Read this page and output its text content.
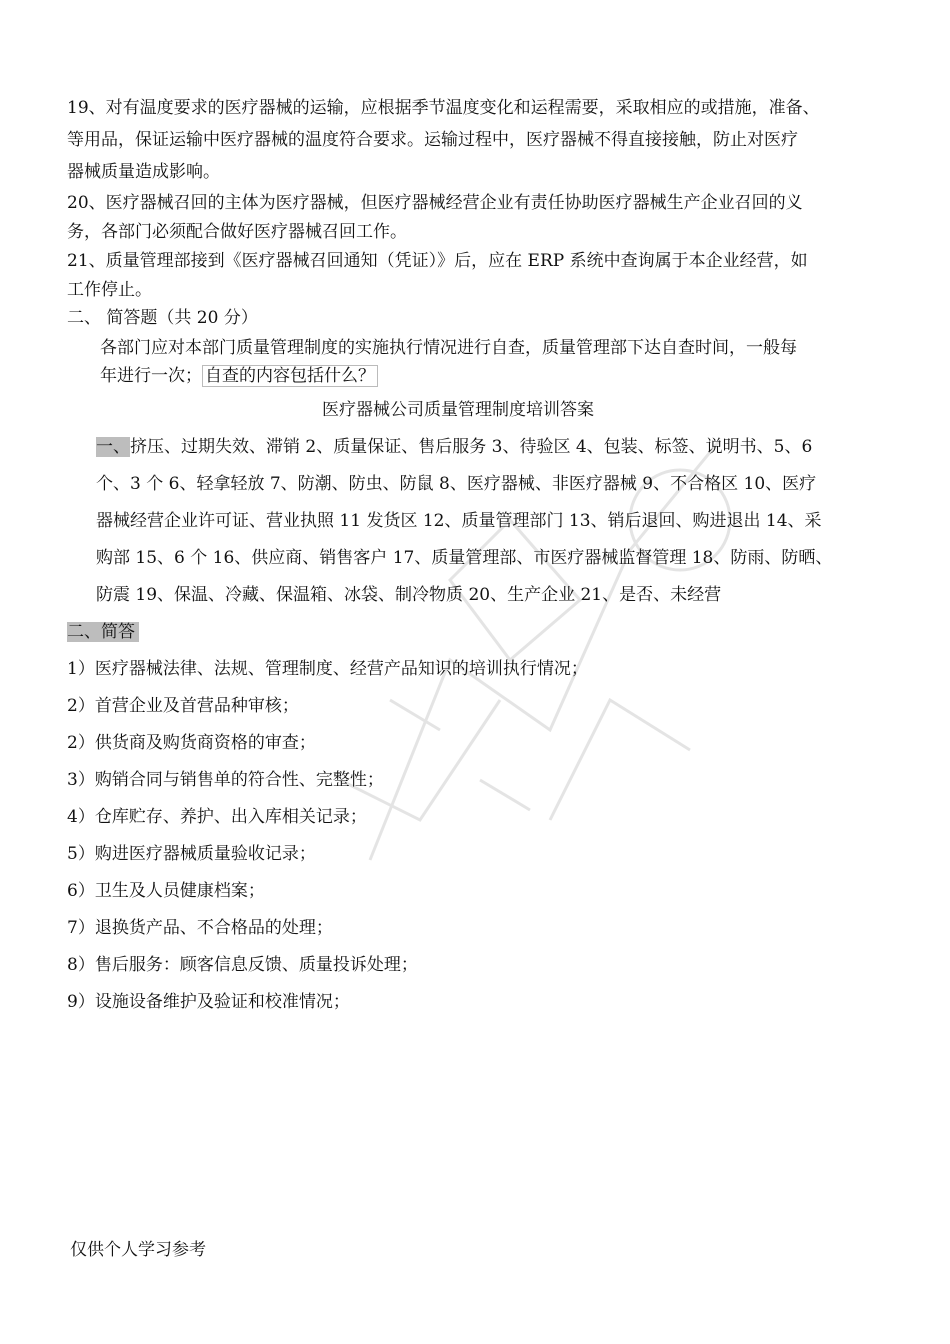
19、对有温度要求的医疗器械的运输，应根据季节温度变化和运程需要，采取相应的或措施，准备、
等用品，保证运输中医疗器械的温度符合要求。运输过程中，医疗器械不得直接接触，防止对医疗
器械质量造成影响。
20、医疗器械召回的主体为医疗器械，但医疗器械经营企业有责任协助医疗器械生产企业召回的义
务，各部门必须配合做好医疗器械召回工作。
21、质量管理部接到《医疗器械召回通知（凭证）》后，应在 ERP 系统中查询属于本企业经营，如
工作停止。
二、 简答题（共 20 分）
各部门应对本部门质量管理制度的实施执行情况进行自查，质量管理部下达自查时间，一般每
年进行一次； 自查的内容包括什么？
医疗器械公司质量管理制度培训答案
一、挤压、过期失效、滞销 2、质量保证、售后服务 3、待验区 4、包装、标签、说明书、5、6
个、3 个 6、轻拿轻放 7、防潮、防虫、防鼠 8、医疗器械、非医疗器械 9、不合格区 10、医疗
器械经营企业许可证、营业执照 11 发货区 12、质量管理部门 13、销后退回、购进退出 14、采
购部 15、6 个 16、供应商、销售客户 17、质量管理部、市医疗器械监督管理 18、防雨、防晒、
防震 19、保温、冷藏、保温箱、冰袋、制冷物质 20、生产企业 21、是否、未经营
二、简答
1）医疗器械法律、法规、管理制度、经营产品知识的培训执行情况；
2）首营企业及首营品种审核；
2）供货商及购货商资格的审查；
3）购销合同与销售单的符合性、完整性；
4）仓库贮存、养护、出入库相关记录；
5）购进医疗器械质量验收记录；
6）卫生及人员健康档案；
7）退换货产品、不合格品的处理；
8）售后服务：顾客信息反馈、质量投诉处理；
9）设施设备维护及验证和校准情况；
仅供个人学习参考
